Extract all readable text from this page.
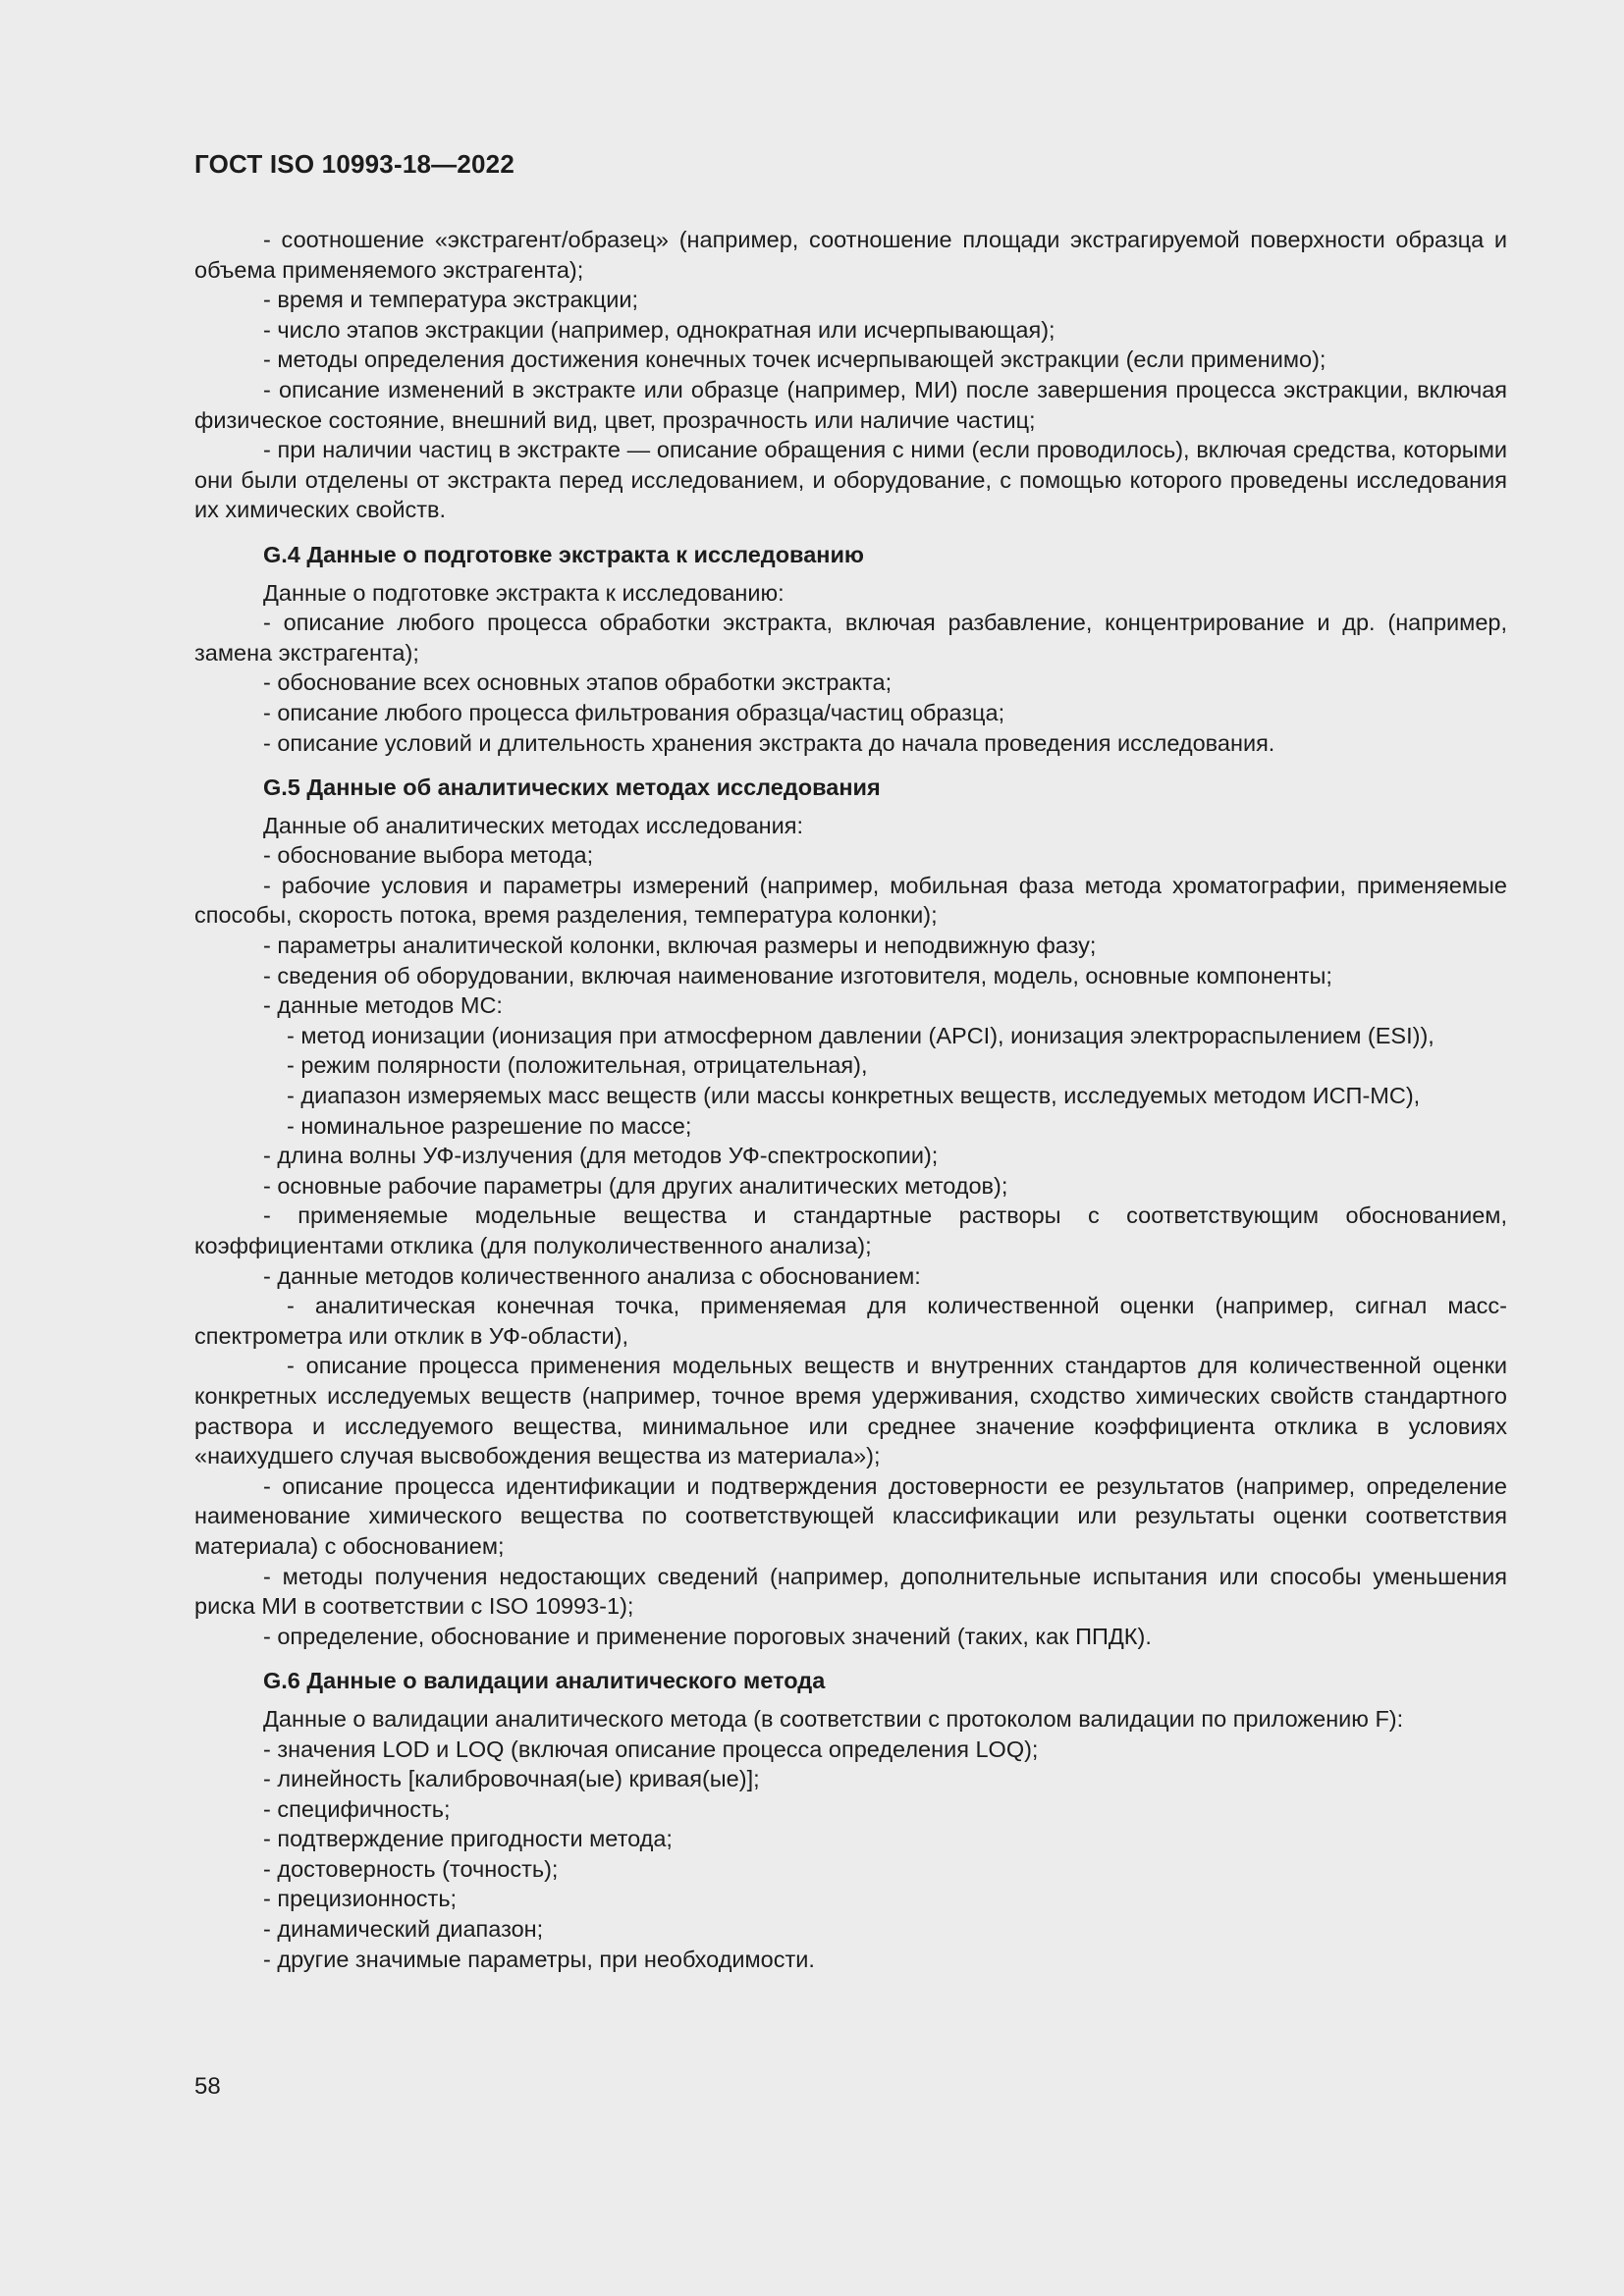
ГОСТ ISO 10993-18—2022

- соотношение «экстрагент/образец» (например, соотношение площади экстрагируемой поверхности образца и объема применяемого экстрагента);

- время и температура экстракции;

- число этапов экстракции (например, однократная или исчерпывающая);

- методы определения достижения конечных точек исчерпывающей экстракции (если применимо);

- описание изменений в экстракте или образце (например, МИ) после завершения процесса экстракции, включая физическое состояние, внешний вид, цвет, прозрачность или наличие частиц;

- при наличии частиц в экстракте — описание обращения с ними (если проводилось), включая средства, которыми они были отделены от экстракта перед исследованием, и оборудование, с помощью которого проведены исследования их химических свойств.

G.4 Данные о подготовке экстракта к исследованию

Данные о подготовке экстракта к исследованию:

- описание любого процесса обработки экстракта, включая разбавление, концентрирование и др. (например, замена экстрагента);

- обоснование всех основных этапов обработки экстракта;

- описание любого процесса фильтрования образца/частиц образца;

- описание условий и длительность хранения экстракта до начала проведения исследования.

G.5 Данные об аналитических методах исследования

Данные об аналитических методах исследования:

- обоснование выбора метода;

- рабочие условия и параметры измерений (например, мобильная фаза метода хроматографии, применяемые способы, скорость потока, время разделения, температура колонки);

- параметры аналитической колонки, включая размеры и неподвижную фазу;

- сведения об оборудовании, включая наименование изготовителя, модель, основные компоненты;

- данные методов МС:

- метод ионизации (ионизация при атмосферном давлении (APCI), ионизация электрораспылением (ESI)),

- режим полярности (положительная, отрицательная),

- диапазон измеряемых масс веществ (или массы конкретных веществ, исследуемых методом ИСП-МС),

- номинальное разрешение по массе;

- длина волны УФ-излучения (для методов УФ-спектроскопии);

- основные рабочие параметры (для других аналитических методов);

- применяемые модельные вещества и стандартные растворы с соответствующим обоснованием, коэффициентами отклика (для полуколичественного анализа);

- данные методов количественного анализа с обоснованием:

- аналитическая конечная точка, применяемая для количественной оценки (например, сигнал масс-спектрометра или отклик в УФ-области),

- описание процесса применения модельных веществ и внутренних стандартов для количественной оценки конкретных исследуемых веществ (например, точное время удерживания, сходство химических свойств стандартного раствора и исследуемого вещества, минимальное или среднее значение коэффициента отклика в условиях «наихудшего случая высвобождения вещества из материала»);

- описание процесса идентификации и подтверждения достоверности ее результатов (например, определение наименование химического вещества по соответствующей классификации или результаты оценки соответствия материала) с обоснованием;

- методы получения недостающих сведений (например, дополнительные испытания или способы уменьшения риска МИ в соответствии с ISO 10993-1);

- определение, обоснование и применение пороговых значений (таких, как ППДК).

G.6 Данные о валидации аналитического метода

Данные о валидации аналитического метода (в соответствии с протоколом валидации по приложению F):

- значения LOD и LOQ (включая описание процесса определения LOQ);

- линейность [калибровочная(ые) кривая(ые)];

- специфичность;

- подтверждение пригодности метода;

- достоверность (точность);

- прецизионность;

- динамический диапазон;

- другие значимые параметры, при необходимости.

58
